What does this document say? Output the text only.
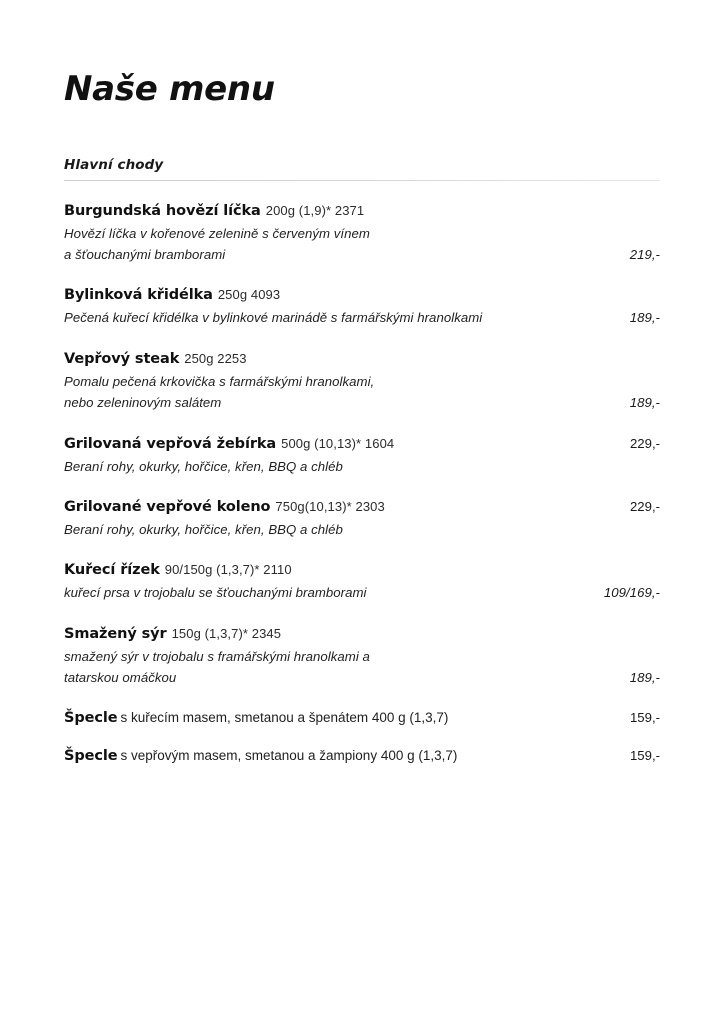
Naše menu
Hlavní chody
Burgundská hovězí líčka 200g (1,9)* 2371
Hovězí líčka v kořenové zelenině s červeným vínem
a šťouchanými bramborami	219,-
Bylinková křidélka 250g 4093
Pečená kuřecí křidélka v bylinkové marinádě s farmářskými hranolkami	189,-
Vepřový steak 250g 2253
Pomalu pečená krkovička s farmářskými hranolkami,
nebo zeleninovým salátem	189,-
Grilovaná vepřová žebírka 500g (10,13)* 1604	229,-
Beraní rohy, okurky, hořčice, křen, BBQ a chléb
Grilované vepřové koleno 750g(10,13)* 2303	229,-
Beraní rohy, okurky, hořčice, křen, BBQ a chléb
Kuřecí řízek 90/150g (1,3,7)* 2110
kuřecí prsa v trojobalu se šťouchanými bramborami	109/169,-
Smažený sýr 150g (1,3,7)* 2345
smažený sýr v trojobalu s framářskými hranolkami a
tatarskou omáčkou	189,-
Špecle s kuřecím masem, smetanou a špenátem 400 g (1,3,7)	159,-
Špecle s vepřovým masem, smetanou a žampiony 400 g (1,3,7)	159,-
